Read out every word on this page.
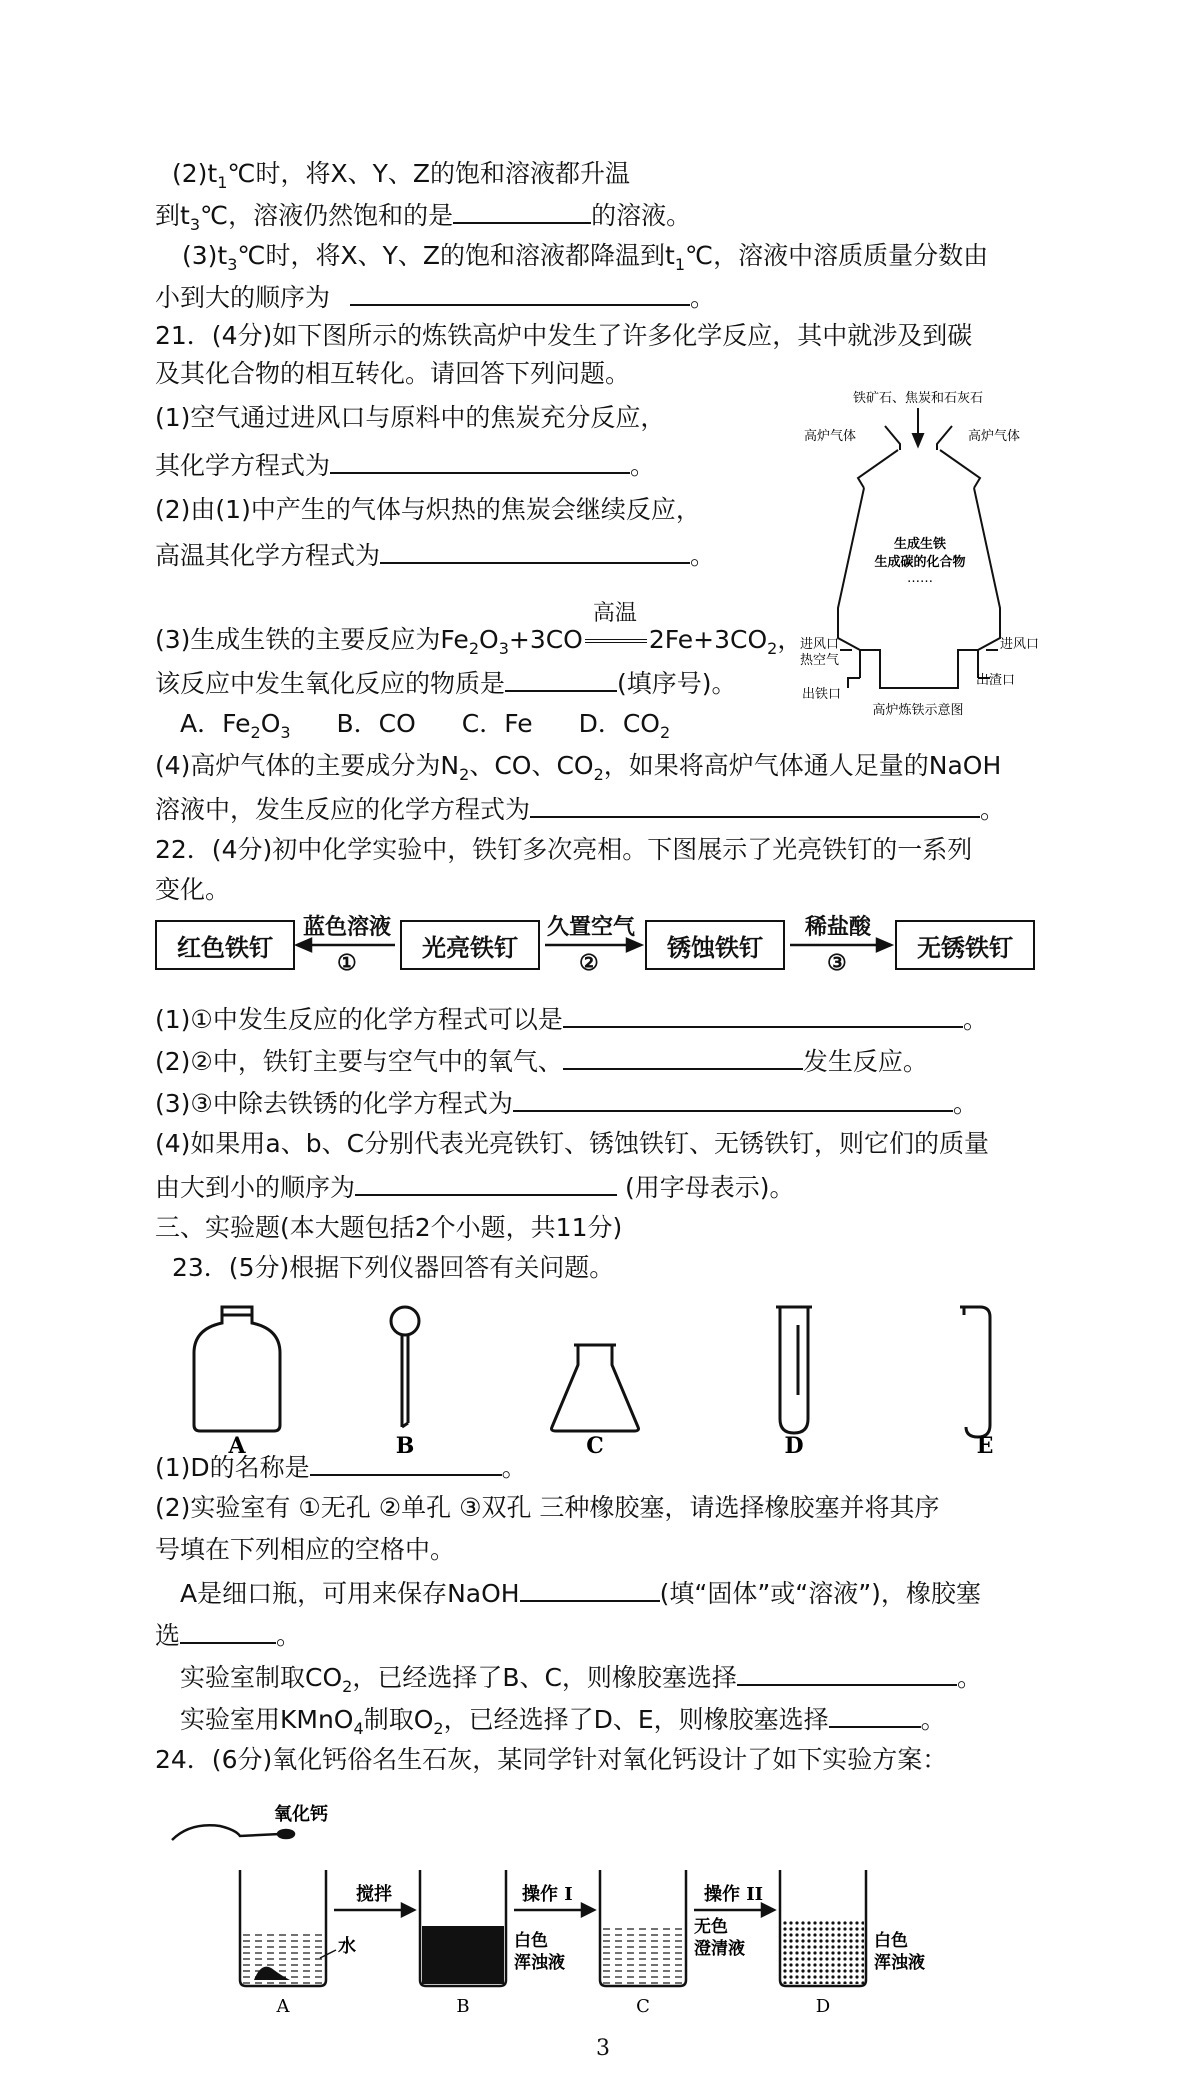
$(2)t_1℃$时，将X、Y、Z的饱和溶液都升温
到$t_3℃$，溶液仍然饱和的是	的溶液。
$(3)t_3℃$时，将X、Y、Z的饱和溶液都降温到$t_1℃$，溶液中溶质质量分数由
小到大的顺序为	。
21．(4分)如下图所示的炼铁高炉中发生了许多化学反应，其中就涉及到碳
及其化合物的相互转化。请回答下列问题。
(1)空气通过进风口与原料中的焦炭充分反应，
其化学方程式为	。
(2)由(1)中产生的气体与炽热的焦炭会继续反应，
高温其化学方程式为	。
(3)生成生铁的主要反应为$Fe_2O_3+3CO$
高温
$2Fe+3CO_2$，
该反应中发生氧化反应的物质是	(填序号)。
A．$Fe_2O_3$ B．CO C．Fe D．$CO_2$
(4)高炉气体的主要成分为$N_2$、CO、$CO_2$，如果将高炉气体通人足量的NaOH
溶液中，发生反应的化学方程式为	。
铁矿石、焦炭和石灰石
高炉气体	高炉气体
生成生铁
生成碳的化合物
……
进风口
热空气
进风口
出渣口
出铁口
高炉炼铁示意图
22．(4分)初中化学实验中，铁钉多次亮相。下图展示了光亮铁钉的一系列
变化。
红色铁钉	光亮铁钉	锈蚀铁钉	无锈铁钉
蓝色溶液
①
久置空气
②
稀盐酸
③
(1)①中发生反应的化学方程式可以是	。
(2)②中，铁钉主要与空气中的氧气、	发生反应。
(3)③中除去铁锈的化学方程式为	。
(4)如果用a、b、C分别代表光亮铁钉、锈蚀铁钉、无锈铁钉，则它们的质量
由大到小的顺序为	(用字母表示)。
三、实验题(本大题包括2个小题，共11分)
23．(5分)根据下列仪器回答有关问题。
A	B	C	D	E
(1)D的名称是	。
(2)实验室有 ①无孔 ②单孔 ③双孔 三种橡胶塞，请选择橡胶塞并将其序
号填在下列相应的空格中。
A是细口瓶，可用来保存NaOH	(填“固体”或“溶液”)，橡胶塞
选	。
实验室制取$CO_2$，已经选择了B、C，则橡胶塞选择	。
实验室用KMnO$_4$制取$O_2$，已经选择了D、E，则橡胶塞选择	。
24．(6分)氧化钙俗名生石灰，某同学针对氧化钙设计了如下实验方案：
氧化钙
水
搅拌	操作 I	操作 II
白色
浑浊液
无色
澄清液	白色
浑浊液
A	B	C	D
3
